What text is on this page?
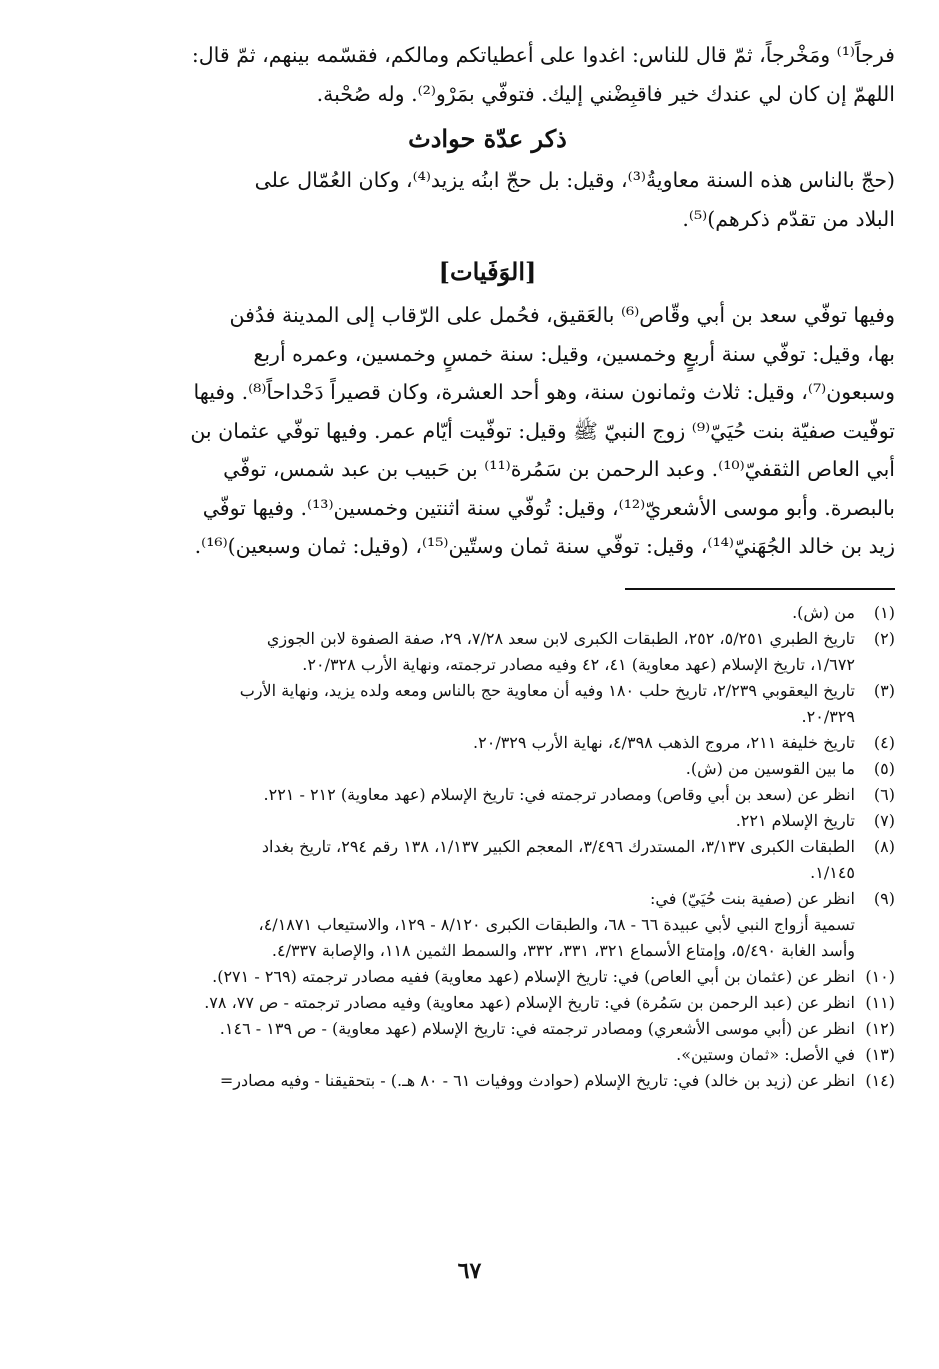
فرجاً⁽¹⁾ ومَخْرجاً، ثمّ قال للناس: اغدوا على أعطياتكم ومالكم، فقسّمه بينهم، ثمّ قال:

اللهمّ إن كان لي عندك خير فاقبِضْني إليك. فتوفّي بمَرْو⁽²⁾. وله صُحْبة.

ذكر عدّة حوادث

(حجّ بالناس هذه السنة معاويةُ⁽³⁾، وقيل: بل حجّ ابنُه يزيد⁽⁴⁾، وكان العُمّال على

البلاد من تقدّم ذكرهم)⁽⁵⁾.

[الوَفَيات]

وفيها توفّي سعد بن أبي وقّاص⁽⁶⁾ بالعَقيق، فحُمل على الرّقاب إلى المدينة فدُفن

بها، وقيل: توفّي سنة أربعٍ وخمسين، وقيل: سنة خمسٍ وخمسين، وعمره أربع

وسبعون⁽⁷⁾، وقيل: ثلاث وثمانون سنة، وهو أحد العشرة، وكان قصيراً دَحْداحاً⁽⁸⁾. وفيها

توفّيت صفيّة بنت حُيَيّ⁽⁹⁾ زوج النبيّ ﷺ وقيل: توفّيت أيّام عمر. وفيها توفّي عثمان بن

أبي العاص الثقفيّ⁽¹⁰⁾. وعبد الرحمن بن سَمُرة⁽¹¹⁾ بن حَبيب بن عبد شمس، توفّي

بالبصرة. وأبو موسى الأشعريّ⁽¹²⁾، وقيل: تُوفّي سنة اثنتين وخمسين⁽¹³⁾. وفيها توفّي

زيد بن خالد الجُهَنيّ⁽¹⁴⁾، وقيل: توفّي سنة ثمان وستّين⁽¹⁵⁾، (وقيل: ثمان وسبعين)⁽¹⁶⁾.

(١)
من (ش).
(٢)
تاريخ الطبري ٥/٢٥١، ٢٥٢، الطبقات الكبرى لابن سعد ٧/٢٨، ٢٩، صفة الصفوة لابن الجوزي
١/٦٧٢، تاريخ الإسلام (عهد معاوية) ٤١، ٤٢ وفيه مصادر ترجمته، ونهاية الأرب ٢٠/٣٢٨.
(٣)
تاريخ اليعقوبي ٢/٢٣٩، تاريخ حلب ١٨٠ وفيه أن معاوية حج بالناس ومعه ولده يزيد، ونهاية الأرب
٢٠/٣٢٩.
(٤)
تاريخ خليفة ٢١١، مروج الذهب ٤/٣٩٨، نهاية الأرب ٢٠/٣٢٩.
(٥)
ما بين القوسين من (ش).
(٦)
انظر عن (سعد بن أبي وقاص) ومصادر ترجمته في: تاريخ الإسلام (عهد معاوية) ٢١٢ - ٢٢١.
(٧)
تاريخ الإسلام ٢٢١.
(٨)
الطبقات الكبرى ٣/١٣٧، المستدرك ٣/٤٩٦، المعجم الكبير ١/١٣٧، ١٣٨ رقم ٢٩٤، تاريخ بغداد
١/١٤٥.
(٩)
انظر عن (صفية بنت حُيَيّ) في:
تسمية أزواج النبي لأبي عبيدة ٦٦ - ٦٨، والطبقات الكبرى ٨/١٢٠ - ١٢٩، والاستيعاب ٤/١٨٧١،
وأسد الغابة ٥/٤٩٠، وإمتاع الأسماع ٣٢١، ٣٣١، ٣٣٢، والسمط الثمين ١١٨، والإصابة ٤/٣٣٧.
(١٠)
انظر عن (عثمان بن أبي العاص) في: تاريخ الإسلام (عهد معاوية) ففيه مصادر ترجمته (٢٦٩ - ٢٧١).
(١١)
انظر عن (عبد الرحمن بن سَمُرة) في: تاريخ الإسلام (عهد معاوية) وفيه مصادر ترجمته - ص ٧٧، ٧٨.
(١٢)
انظر عن (أبي موسى الأشعري) ومصادر ترجمته في: تاريخ الإسلام (عهد معاوية) - ص ١٣٩ - ١٤٦.
(١٣)
في الأصل: «ثمان وستين».
(١٤)
انظر عن (زيد بن خالد) في: تاريخ الإسلام (حوادث ووفيات ٦١ - ٨٠ هـ.) - بتحقيقنا - وفيه مصادر=
٦٧
